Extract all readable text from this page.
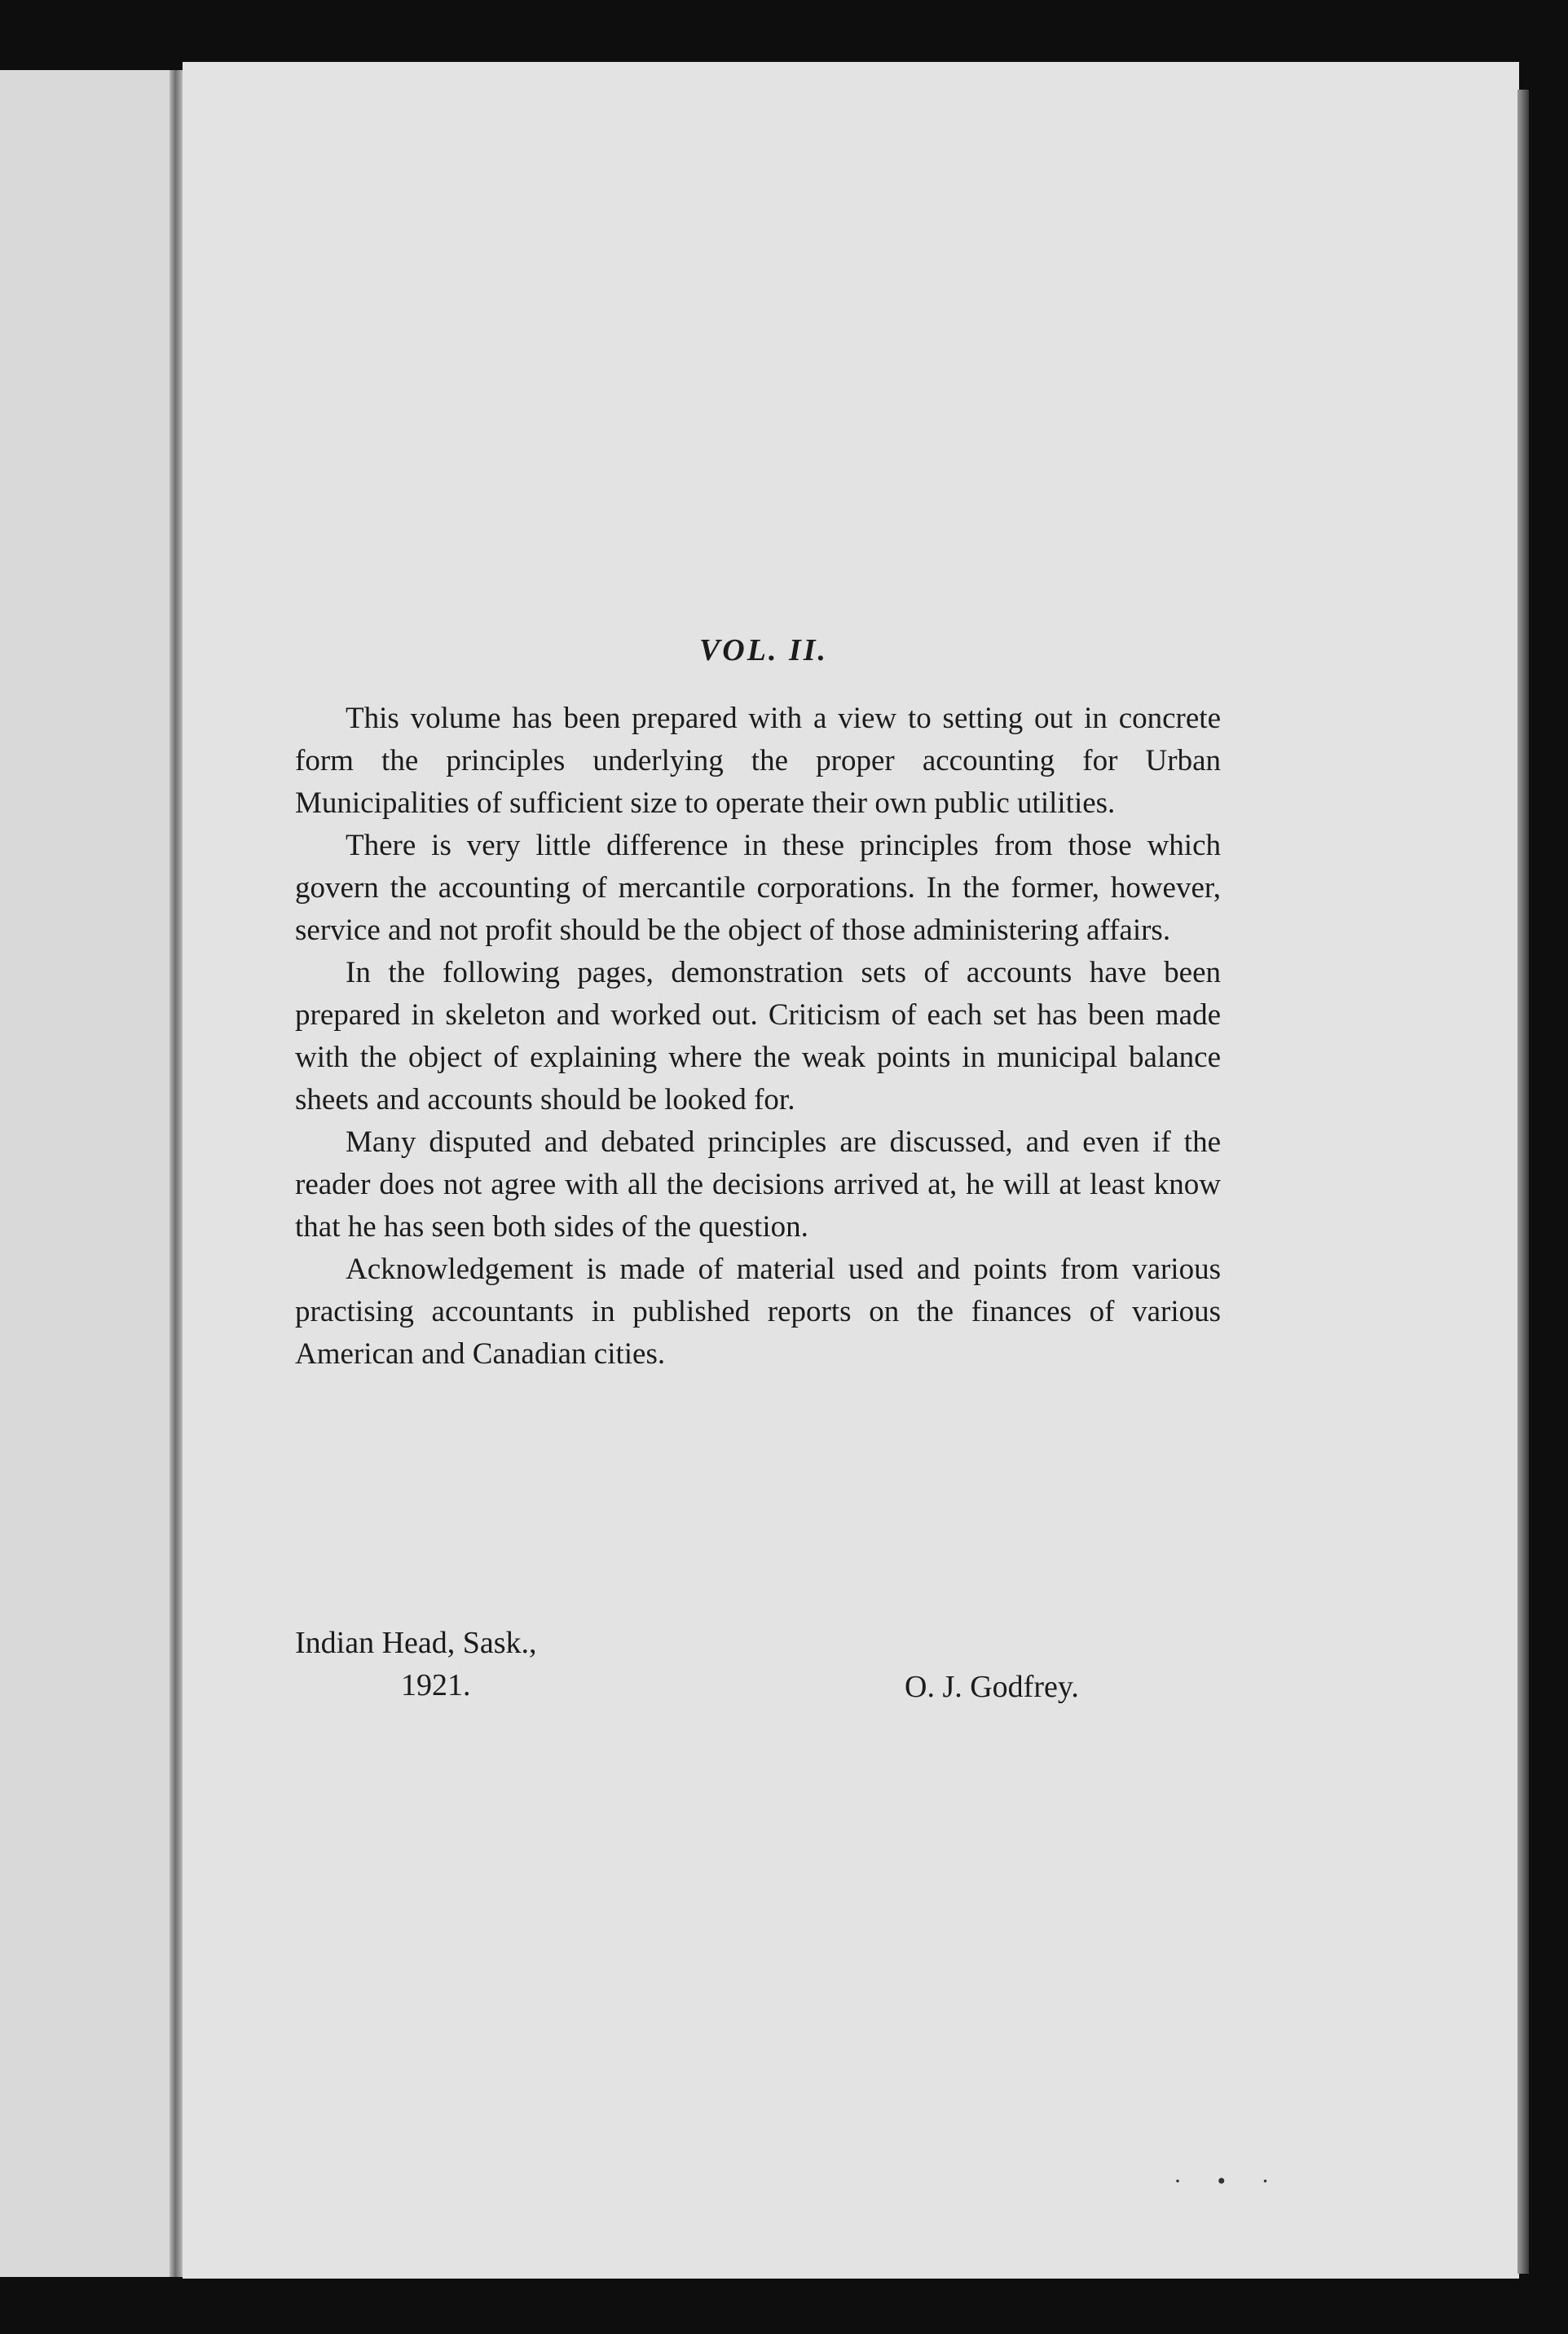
VOL. II.

This volume has been prepared with a view to setting out in concrete form the principles underlying the proper accounting for Urban Municipalities of sufficient size to operate their own public utilities.

There is very little difference in these principles from those which govern the accounting of mercantile corporations. In the former, however, service and not profit should be the object of those administering affairs.

In the following pages, demonstration sets of accounts have been prepared in skeleton and worked out. Criticism of each set has been made with the object of explaining where the weak points in municipal balance sheets and accounts should be looked for.

Many disputed and debated principles are discussed, and even if the reader does not agree with all the decisions arrived at, he will at least know that he has seen both sides of the question.

Acknowledgement is made of material used and points from various practising accountants in published reports on the finances of various American and Canadian cities.

Indian Head, Sask.,
1921.	O. J. Godfrey.
· • ·
